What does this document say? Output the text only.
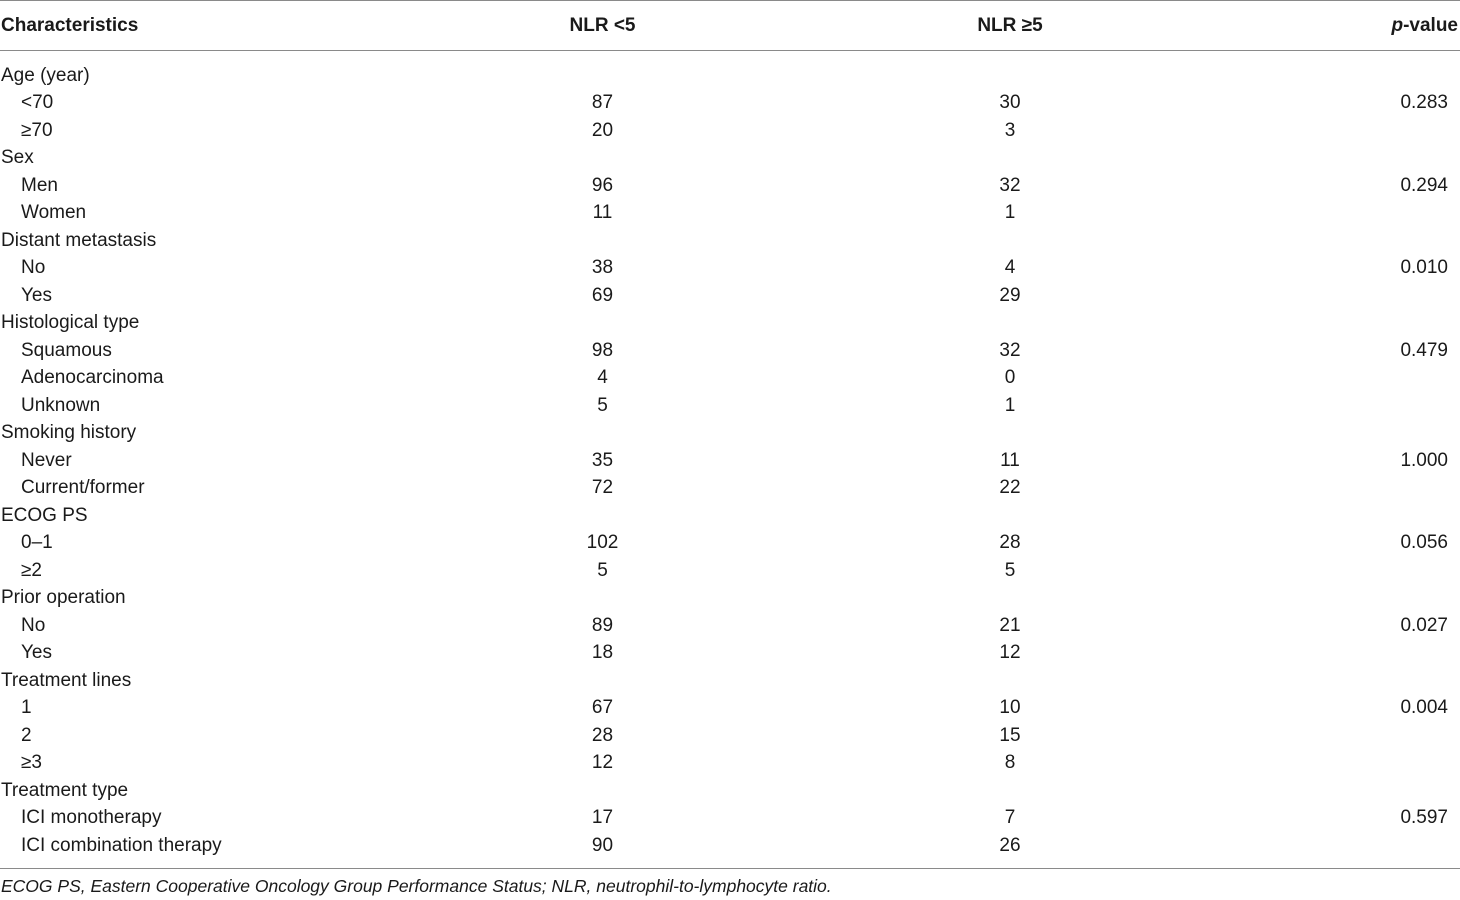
Characteristics	NLR <5	NLR ≥5	p-value
Age (year)			
<70	87	30	0.283
≥70	20	3	
Sex			
Men	96	32	0.294
Women	11	1	
Distant metastasis			
No	38	4	0.010
Yes	69	29	
Histological type			
Squamous	98	32	0.479
Adenocarcinoma	4	0	
Unknown	5	1	
Smoking history			
Never	35	11	1.000
Current/former	72	22	
ECOG PS			
0–1	102	28	0.056
≥2	5	5	
Prior operation			
No	89	21	0.027
Yes	18	12	
Treatment lines			
1	67	10	0.004
2	28	15	
≥3	12	8	
Treatment type			
ICI monotherapy	17	7	0.597
ICI combination therapy	90	26	
ECOG PS, Eastern Cooperative Oncology Group Performance Status; NLR, neutrophil-to-lymphocyte ratio.
